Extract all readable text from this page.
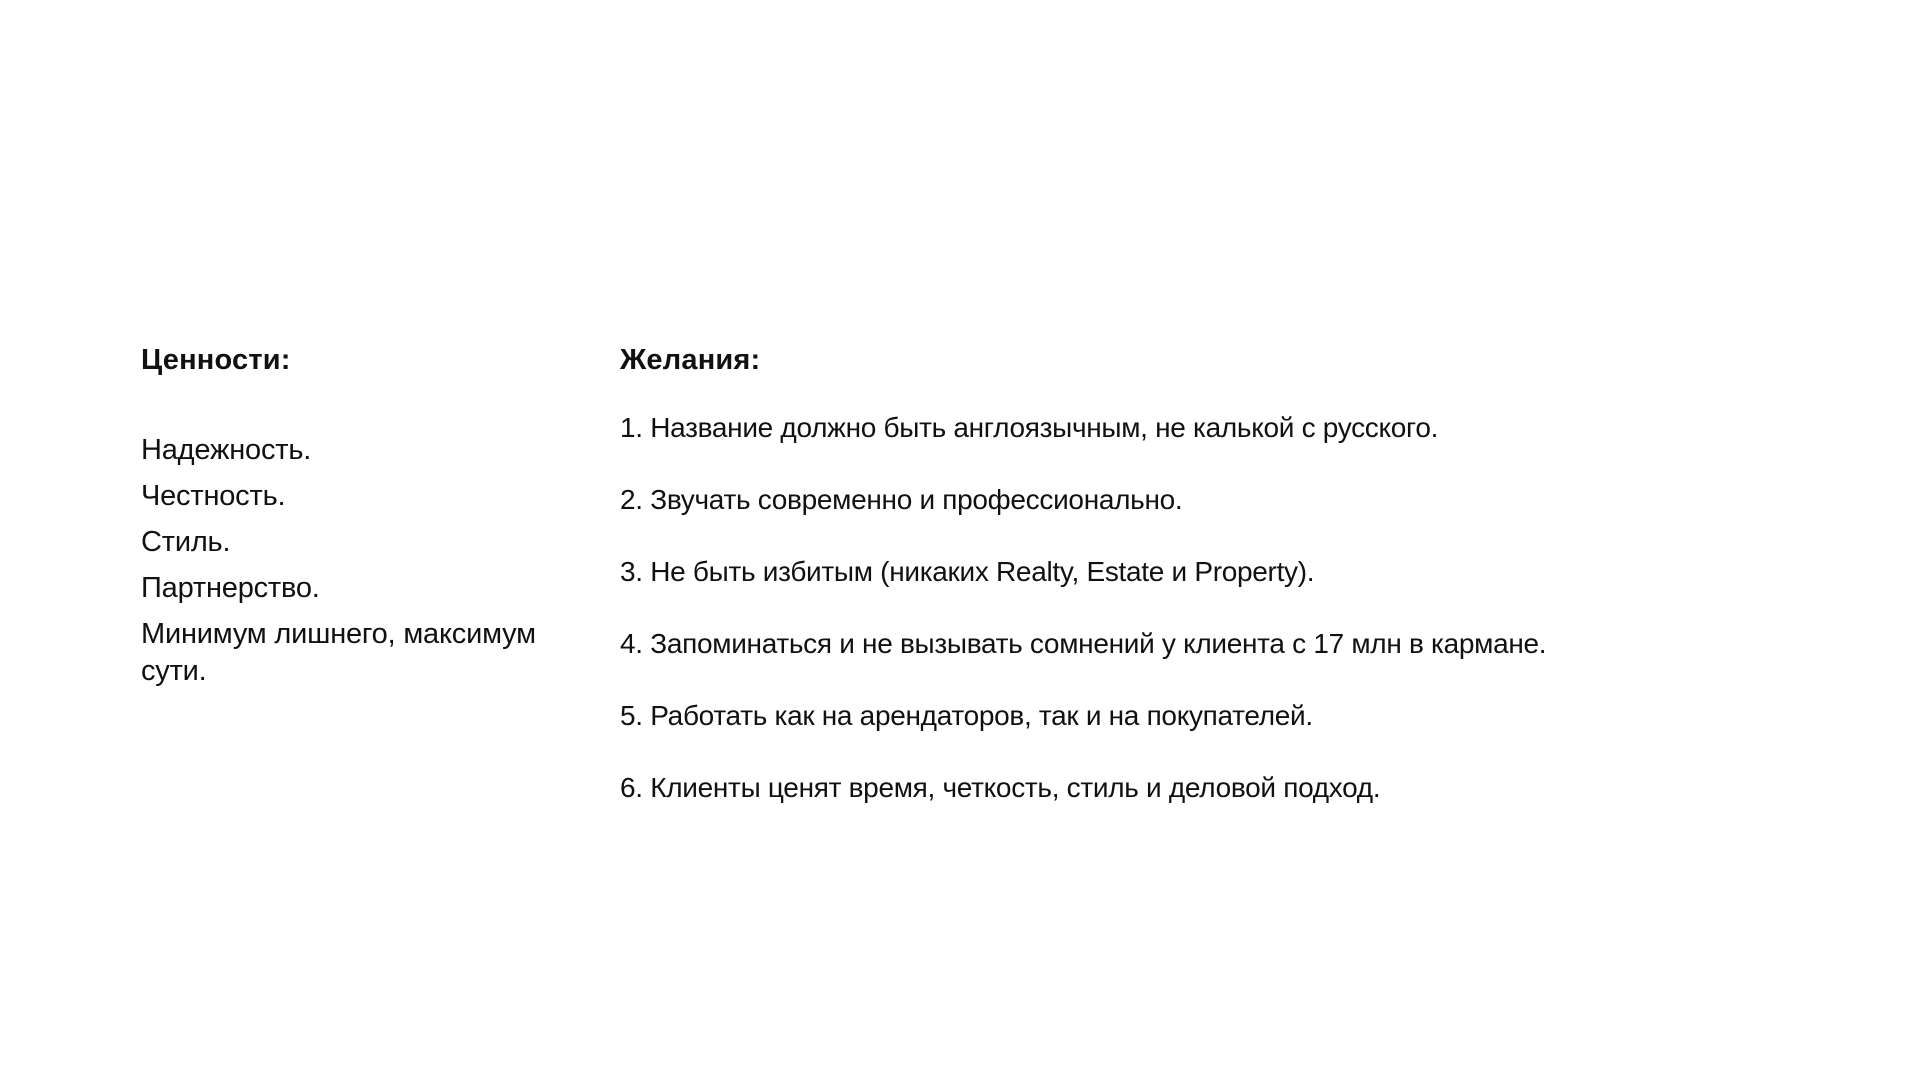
Ценности:
Надежность.
Честность.
Стиль.
Партнерство.
Минимум лишнего, максимум сути.
Желания:
1. Название должно быть англоязычным, не калькой с русского.
2. Звучать современно и профессионально.
3. Не быть избитым (никаких Realty, Estate и Property).
4. Запоминаться и не вызывать сомнений у клиента с 17 млн в кармане.
5. Работать как на арендаторов, так и на покупателей.
6. Клиенты ценят время, четкость, стиль и деловой подход.
